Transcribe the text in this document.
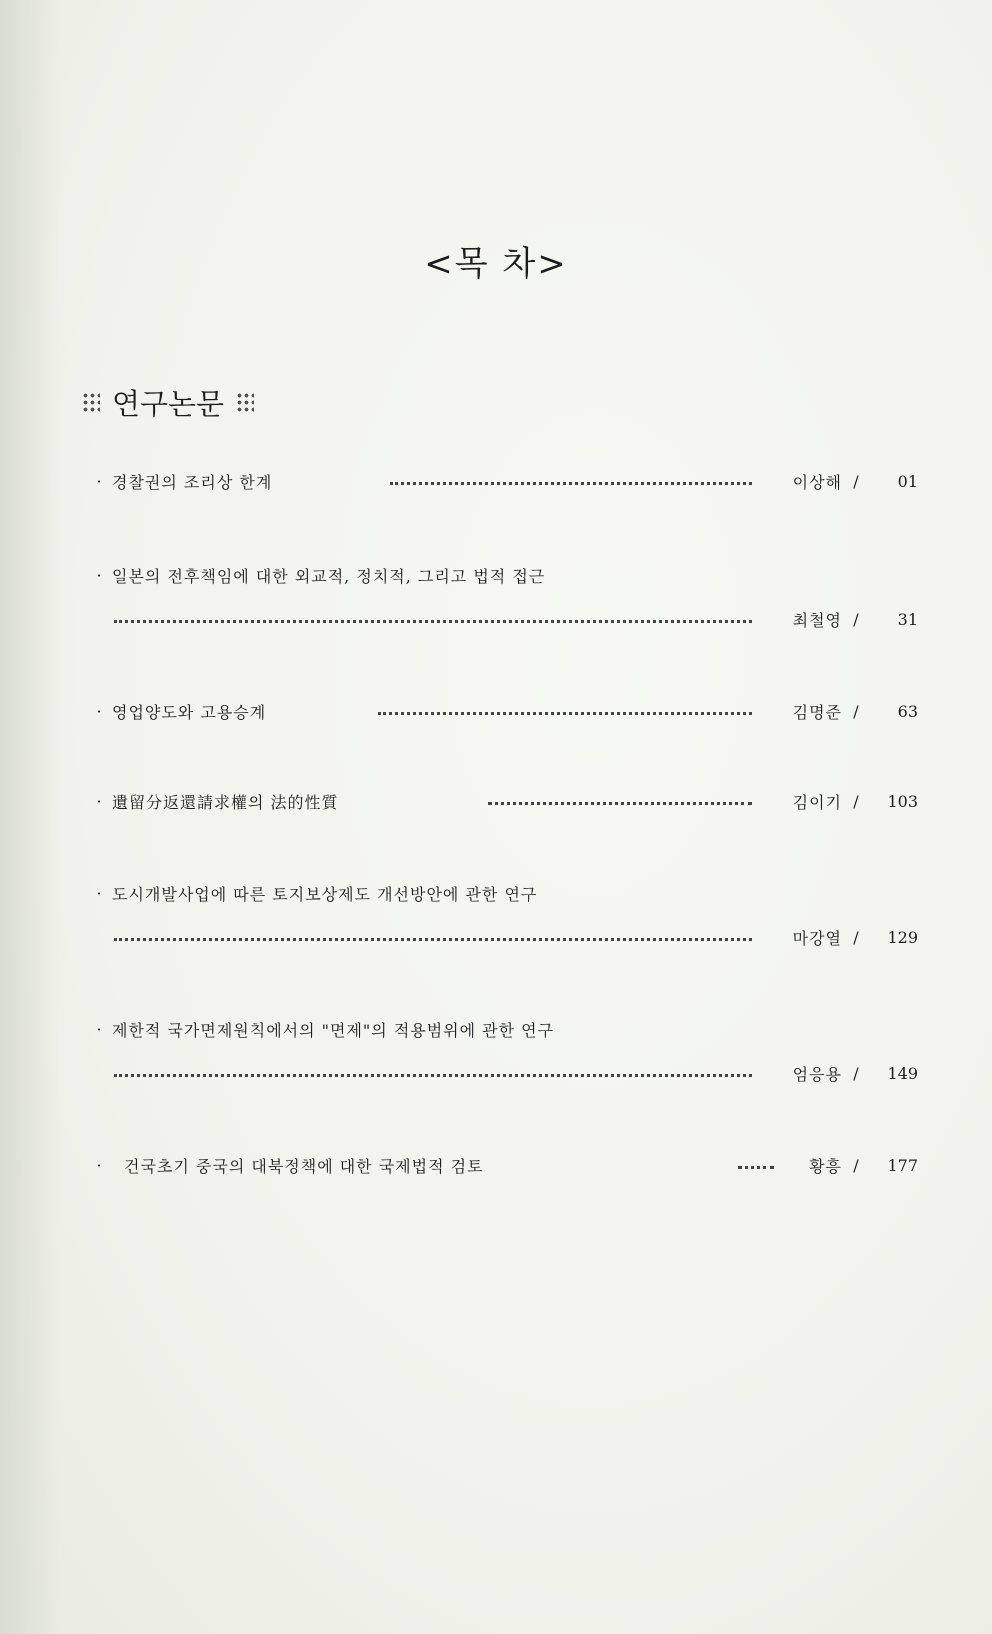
<목 차>
연구논문
· 경찰권의 조리상 한계	이상해 /	01
· 일본의 전후책임에 대한 외교적, 정치적, 그리고 법적 접근
최철영 /	31
· 영업양도와 고용승계	김명준 /	63
· 遺留分返還請求權의 法的性質	김이기 /	103
· 도시개발사업에 따른 토지보상제도 개선방안에 관한 연구
마강열 /	129
· 제한적 국가면제원칙에서의 "면제"의 적용범위에 관한 연구
엄응용 /	149
· 건국초기 중국의 대북정책에 대한 국제법적 검토	황흥 /	177
